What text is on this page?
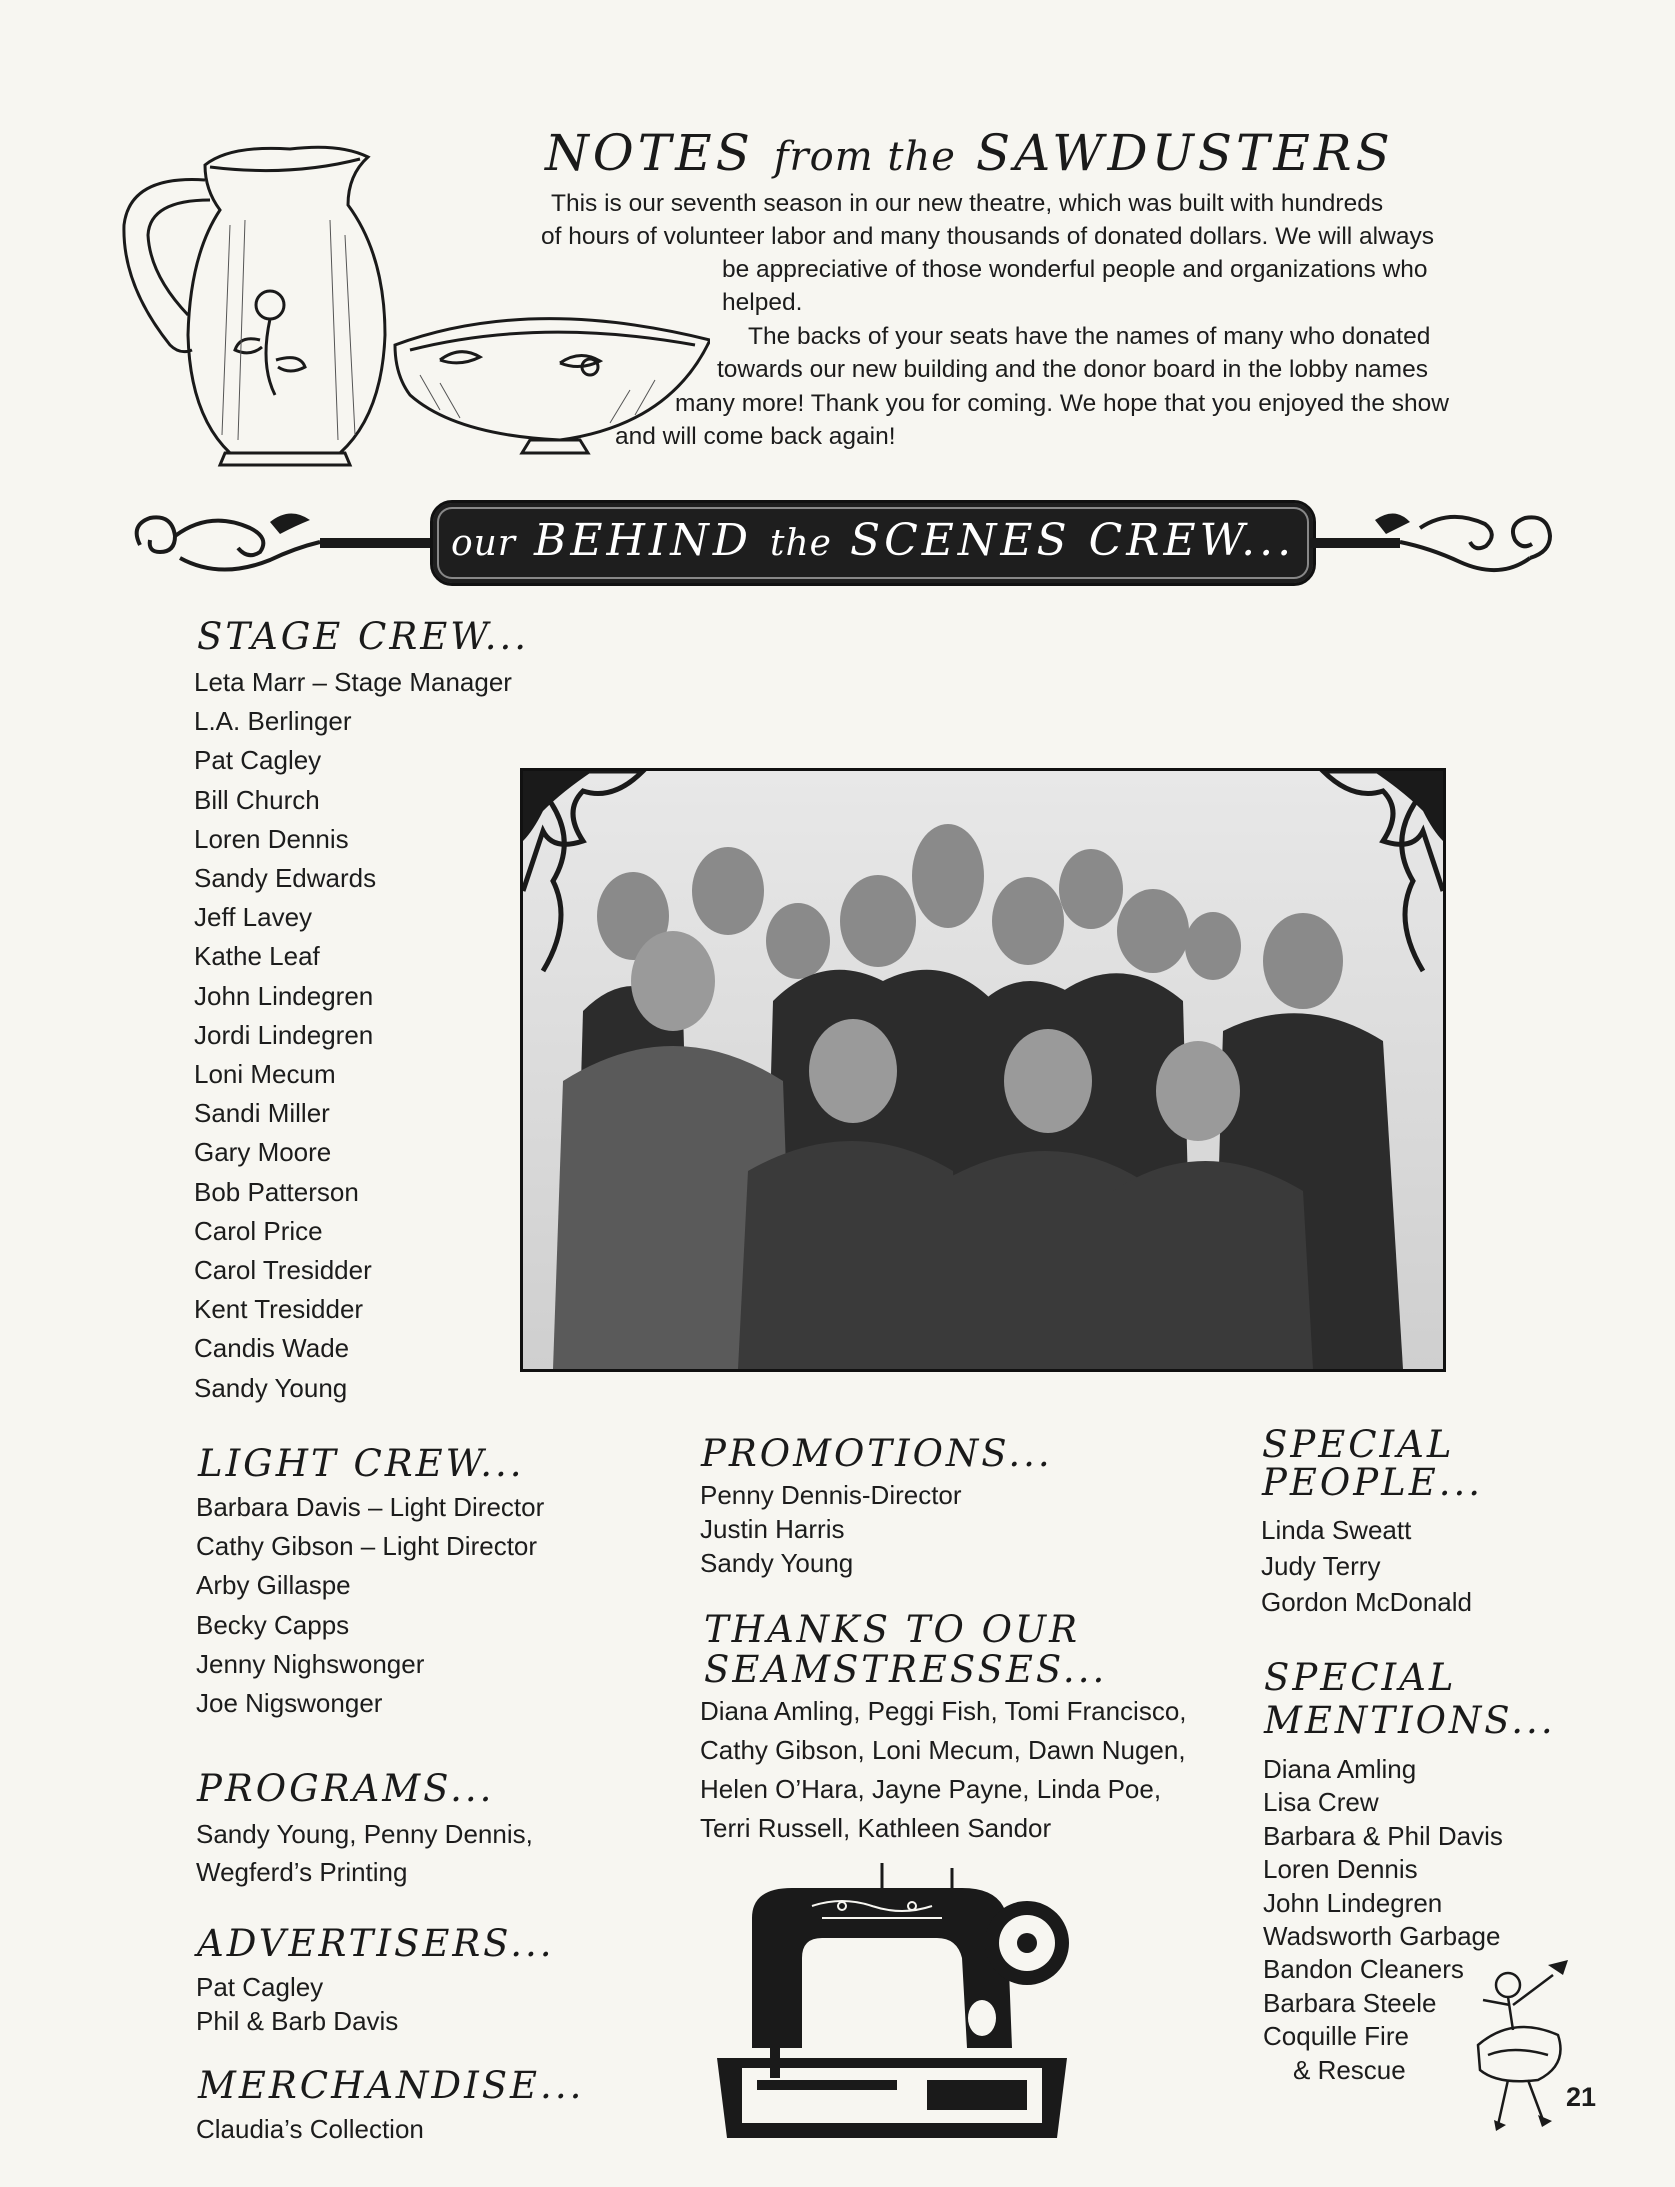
NOTES from the SAWDUSTERS
This is our seventh season in our new theatre, which was built with hundreds
of hours of volunteer labor and many thousands of donated dollars. We will always
be appreciative of those wonderful people and organizations who
helped.
The backs of your seats have the names of many who donated
towards our new building and the donor board in the lobby names
many more! Thank you for coming. We hope that you enjoyed the show
and will come back again!
our BEHIND the SCENES CREW...
STAGE CREW...
Leta Marr – Stage Manager
L.A. Berlinger
Pat Cagley
Bill Church
Loren Dennis
Sandy Edwards
Jeff Lavey
Kathe Leaf
John Lindegren
Jordi Lindegren
Loni Mecum
Sandi Miller
Gary Moore
Bob Patterson
Carol Price
Carol Tresidder
Kent Tresidder
Candis Wade
Sandy Young
LIGHT CREW...
Barbara Davis – Light Director
Cathy Gibson – Light Director
Arby Gillaspe
Becky Capps
Jenny Nighswonger
Joe Nigswonger
PROGRAMS...
Sandy Young, Penny Dennis,
Wegferd’s Printing
ADVERTISERS...
Pat Cagley
Phil & Barb Davis
MERCHANDISE...
Claudia’s Collection
PROMOTIONS...
Penny Dennis-Director
Justin Harris
Sandy Young
THANKS TO OUR
SEAMSTRESSES...
Diana Amling, Peggi Fish, Tomi Francisco,
Cathy Gibson, Loni Mecum, Dawn Nugen,
Helen O’Hara, Jayne Payne, Linda Poe,
Terri Russell, Kathleen Sandor
SPECIAL
PEOPLE...
Linda Sweatt
Judy Terry
Gordon McDonald
SPECIAL
MENTIONS...
Diana Amling
Lisa Crew
Barbara & Phil Davis
Loren Dennis
John Lindegren
Wadsworth Garbage
Bandon Cleaners
Barbara Steele
Coquille Fire
& Rescue
21
